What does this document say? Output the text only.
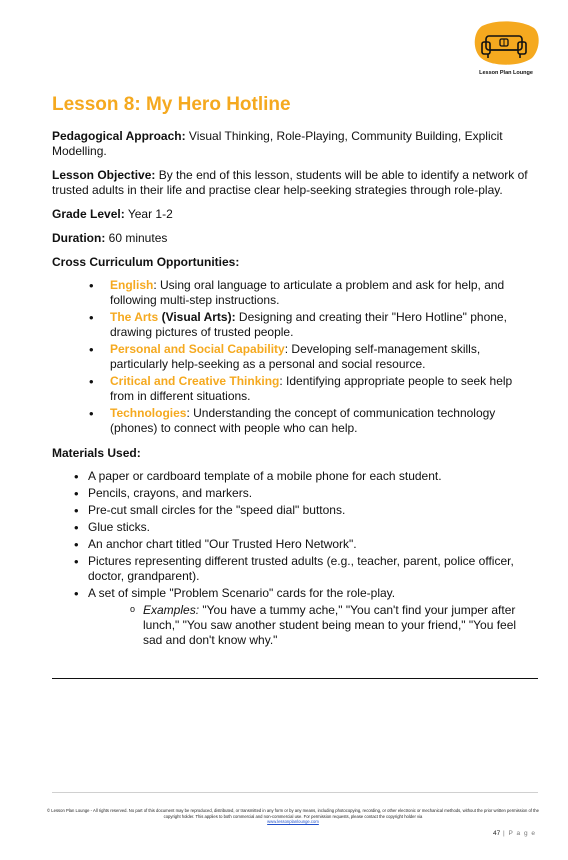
Lesson Plan Lounge
Lesson 8: My Hero Hotline

Pedagogical Approach: Visual Thinking, Role-Playing, Community Building, Explicit Modelling.

Lesson Objective: By the end of this lesson, students will be able to identify a network of trusted adults in their life and practise clear help-seeking strategies through role-play.

Grade Level: Year 1-2

Duration: 60 minutes

Cross Curriculum Opportunities:

• English: Using oral language to articulate a problem and ask for help, and following multi-step instructions.
• The Arts (Visual Arts): Designing and creating their "Hero Hotline" phone, drawing pictures of trusted people.
• Personal and Social Capability: Developing self-management skills, particularly help-seeking as a personal and social resource.
• Critical and Creative Thinking: Identifying appropriate people to seek help from in different situations.
• Technologies: Understanding the concept of communication technology (phones) to connect with people who can help.

Materials Used:

• A paper or cardboard template of a mobile phone for each student.
• Pencils, crayons, and markers.
• Pre-cut small circles for the "speed dial" buttons.
• Glue sticks.
• An anchor chart titled "Our Trusted Hero Network".
• Pictures representing different trusted adults (e.g., teacher, parent, police officer, doctor, grandparent).
• A set of simple "Problem Scenario" cards for the role-play.
o Examples: "You have a tummy ache," "You can't find your jumper after lunch," "You saw another student being mean to your friend," "You feel sad and don't know why."
© Lesson Plan Lounge - All rights reserved. No part of this document may be reproduced, distributed, or transmitted in any form or by any means, including photocopying, recording, or other electronic or mechanical methods, without the prior written permission of the copyright holder. This applies to both commercial and non-commercial use. For permission requests, please contact the copyright holder via
www.lessonplanlounge.com
47 | P a g e
